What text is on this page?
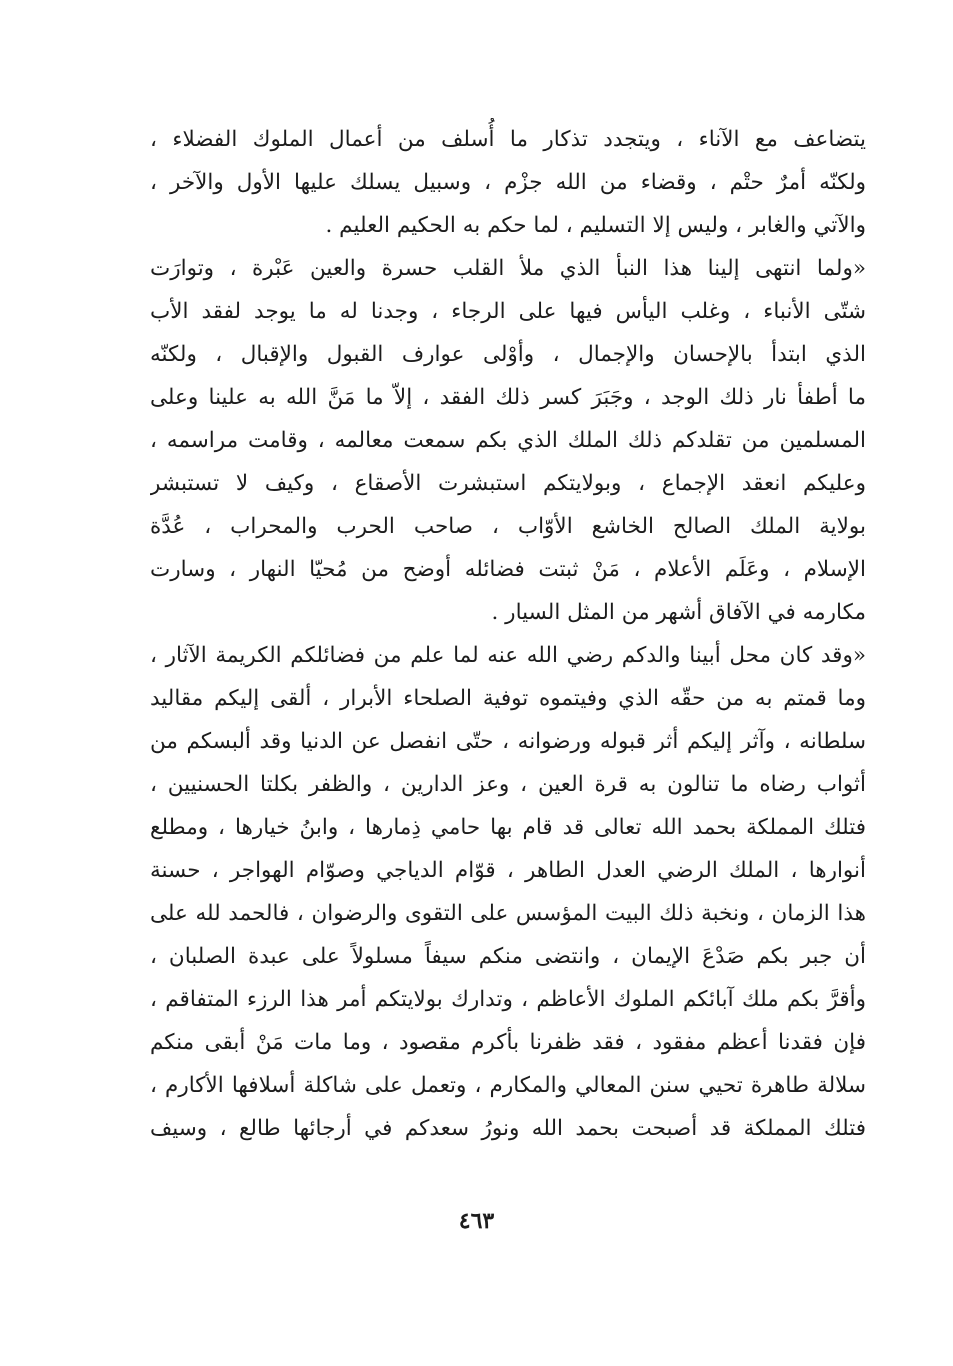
يتضاعف مع الآناء ، ويتجدد تذكار ما أُسلف من أعمال الملوك الفضلاء ،
ولكنّه أمرٌ حتْم ، وقضاء من الله جزْم ، وسبيل يسلك عليها الأول والآخر ،
والآتي والغابر ، وليس إلا التسليم ، لما حكم به الحكيم العليم .
«ولما انتهى إلينا هذا النبأ الذي ملأ القلب حسرة والعين عَبْرة ، وتوارَت
شتّى الأنباء ، وغلب اليأس فيها على الرجاء ، وجدنا له ما يوجد لفقد الأب
الذي ابتدأ بالإحسان والإجمال ، وأوْلى عوارف القبول والإقبال ، ولكنّه
ما أطفأ نار ذلك الوجد ، وجَبَرَ كسر ذلك الفقد ، إلاّ ما مَنَّ الله به علينا وعلى
المسلمين من تقلدكم ذلك الملك الذي بكم سمعت معالمه ، وقامت مراسمه ،
وعليكم انعقد الإجماع ، وبولايتكم استبشرت الأصقاع ، وكيف لا تستبشر
بولاية الملك الصالح الخاشع الأوّاب ، صاحب الحرب والمحراب ، عُدَّة
الإسلام ، وعَلَم الأعلام ، مَنْ ثبتت فضائله أوضح من مُحيّا النهار ، وسارت
مكارمه في الآفاق أشهر من المثل السيار .
«وقد كان محل أبينا والدكم رضي الله عنه لما علم من فضائلكم الكريمة الآثار ،
وما قمتم به من حقّه الذي وفيتموه توفية الصلحاء الأبرار ، ألقى إليكم مقاليد
سلطانه ، وآثر إليكم أثر قبوله ورضوانه ، حتّى انفصل عن الدنيا وقد ألبسكم من
أثواب رضاه ما تنالون به قرة العين ، وعز الدارين ، والظفر بكلتا الحسنيين ،
فتلك المملكة بحمد الله تعالى قد قام بها حامي ذِمارها ، وابنُ خيارها ، ومطلع
أنوارها ، الملك الرضي العدل الطاهر ، قوّام الدياجي وصوّام الهواجر ، حسنة
هذا الزمان ، ونخبة ذلك البيت المؤسس على التقوى والرضوان ، فالحمد لله على
أن جبر بكم صَدْعَ الإيمان ، وانتضى منكم سيفاً مسلولاً على عبدة الصلبان ،
وأقرَّ بكم ملك آبائكم الملوك الأعاظم ، وتدارك بولايتكم أمر هذا الرزء المتفاقم ،
فإن فقدنا أعظم مفقود ، فقد ظفرنا بأكرم مقصود ، وما مات مَنْ أبقى منكم
سلالة طاهرة تحيي سنن المعالي والمكارم ، وتعمل على شاكلة أسلافها الأكارم ،
فتلك المملكة قد أصبحت بحمد الله ونورُ سعدكم في أرجائها طالع ، وسيف
٤٦٣
